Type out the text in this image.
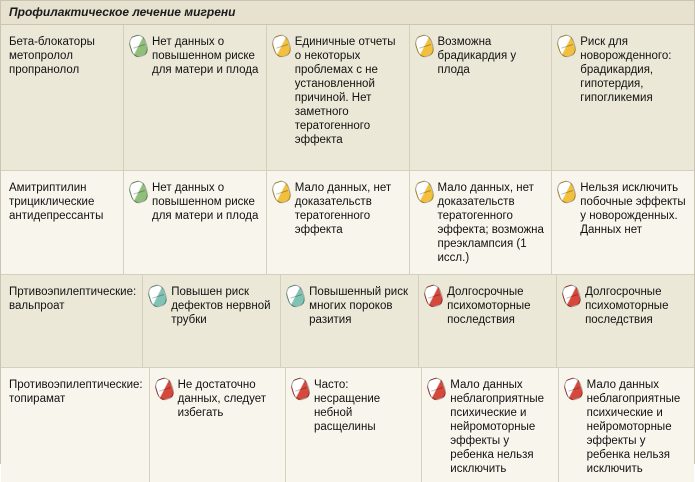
Профилактическое лечение мигрени
Бета-блокаторы метопролол пропранолол
Нет данных о повышенном риске для матери и плода
Единичные отчеты о некоторых проблемах с не установленной причиной. Нет заметного тератогенного эффекта
Возможна брадикардия у плода
Риск для новорожденного: брадикардия, гипотердия, гипогликемия
Амитриптилин трициклические антидепрессанты
Нет данных о повышенном риске для матери и плода
Мало данных, нет доказательств тератогенного эффекта
Мало данных, нет доказательств тератогенного эффекта; возможна преэклампсия (1 иссл.)
Нельзя исключить побочные эффекты у новорожденных. Данных нет
Пртивоэпилептические: вальпроат
Повышен риск дефектов нервной трубки
Повышенный риск многих пороков разития
Долгосрочные психомоторные последствия
Долгосрочные психомоторные последствия
Противоэпилептические: топирамат
Не достаточно данных, следует избегать
Часто: несращение небной расщелины
Мало данных неблагоприятные психические и нейромоторные эффекты у ребенка нельзя исключить
Мало данных неблагоприятные психические и нейромоторные эффекты у ребенка нельзя исключить
